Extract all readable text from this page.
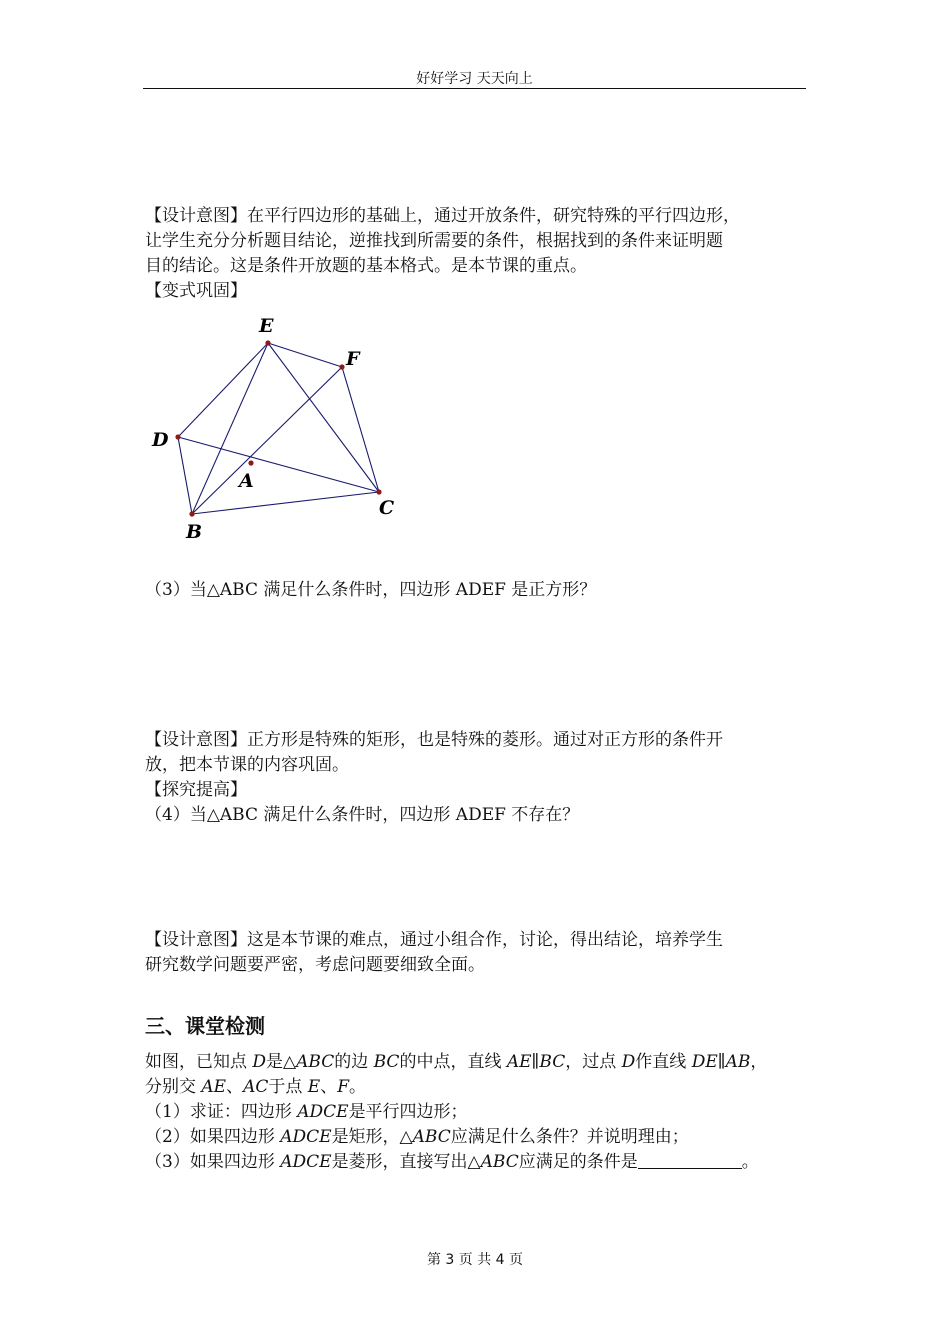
好好学习 天天向上

【设计意图】在平行四边形的基础上，通过开放条件，研究特殊的平行四边形，

让学生充分分析题目结论，逆推找到所需要的条件，根据找到的条件来证明题

目的结论。这是条件开放题的基本格式。是本节课的重点。

【变式巩固】

E
F
D
A
B
C

（3）当△ABC 满足什么条件时，四边形 ADEF 是正方形？

【设计意图】正方形是特殊的矩形，也是特殊的菱形。通过对正方形的条件开

放，把本节课的内容巩固。

【探究提高】

（4）当△ABC 满足什么条件时，四边形 ADEF 不存在？

【设计意图】这是本节课的难点，通过小组合作，讨论，得出结论，培养学生

研究数学问题要严密，考虑问题要细致全面。

三、课堂检测

如图，已知点 D是△ABC的边 BC的中点，直线 AE∥BC，过点 D作直线 DE∥AB，

分别交 AE、AC于点 E、F。

（1）求证：四边形 ADCE是平行四边形；

（2）如果四边形 ADCE是矩形，△ABC应满足什么条件？并说明理由；

（3）如果四边形 ADCE是菱形，直接写出△ABC应满足的条件是	。

第 3 页 共 4 页
